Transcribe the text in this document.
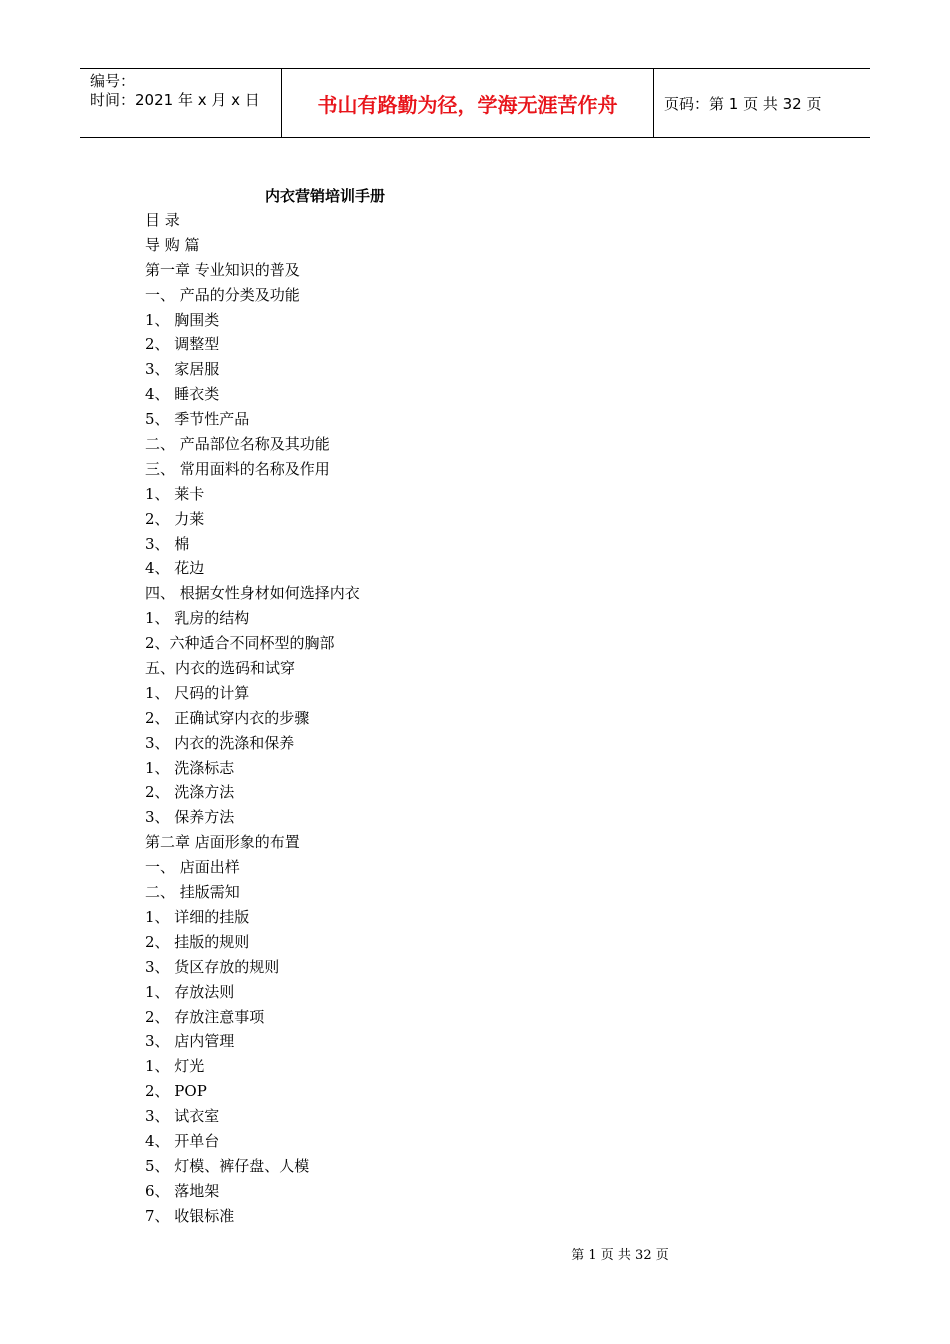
编号：
时间：2021 年 x 月 x 日	书山有路勤为径，学海无涯苦作舟	页码：第 1 页 共 32 页
内衣营销培训手册
目 录
导 购 篇
第一章 专业知识的普及
一、 产品的分类及功能
1、 胸围类
2、 调整型
3、 家居服
4、 睡衣类
5、 季节性产品
二、 产品部位名称及其功能
三、 常用面料的名称及作用
1、 莱卡
2、 力莱
3、 棉
4、 花边
四、 根据女性身材如何选择内衣
1、 乳房的结构
2、六种适合不同杯型的胸部
五、内衣的选码和试穿
1、 尺码的计算
2、 正确试穿内衣的步骤
3、 内衣的洗涤和保养
1、 洗涤标志
2、 洗涤方法
3、 保养方法
第二章 店面形象的布置
一、 店面出样
二、 挂版需知
1、 详细的挂版
2、 挂版的规则
3、 货区存放的规则
1、 存放法则
2、 存放注意事项
3、 店内管理
1、 灯光
2、 POP
3、 试衣室
4、 开单台
5、 灯模、裤仔盘、人模
6、 落地架
7、 收银标准
第 1 页 共 32 页
